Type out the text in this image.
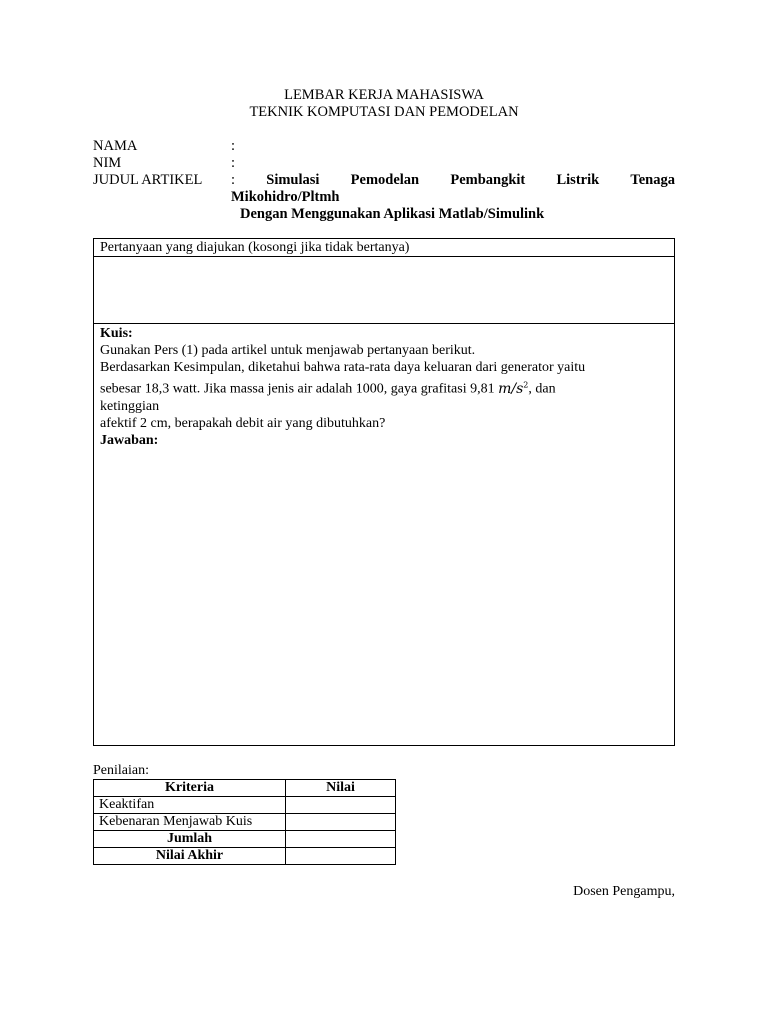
LEMBAR KERJA MAHASISWA
TEKNIK KOMPUTASI DAN PEMODELAN
NAMA	:
NIM	:
JUDUL ARTIKEL : Simulasi Pemodelan Pembangkit Listrik Tenaga
Mikohidro/Pltmh
Dengan Menggunakan Aplikasi Matlab/Simulink
Pertanyaan yang diajukan (kosongi jika tidak bertanya)
Kuis:
Gunakan Pers (1) pada artikel untuk menjawab pertanyaan berikut.
Berdasarkan Kesimpulan, diketahui bahwa rata-rata daya keluaran dari generator yaitu
sebesar 18,3 watt. Jika massa jenis air adalah 1000, gaya grafitasi 9,81 $m/s^2$, dan
ketinggian
afektif 2 cm, berapakah debit air yang dibutuhkan?
Jawaban:
Penilaian:
Kriteria	Nilai
Keaktifan	
Kebenaran Menjawab Kuis	
Jumlah	
Nilai Akhir	
Dosen Pengampu,
